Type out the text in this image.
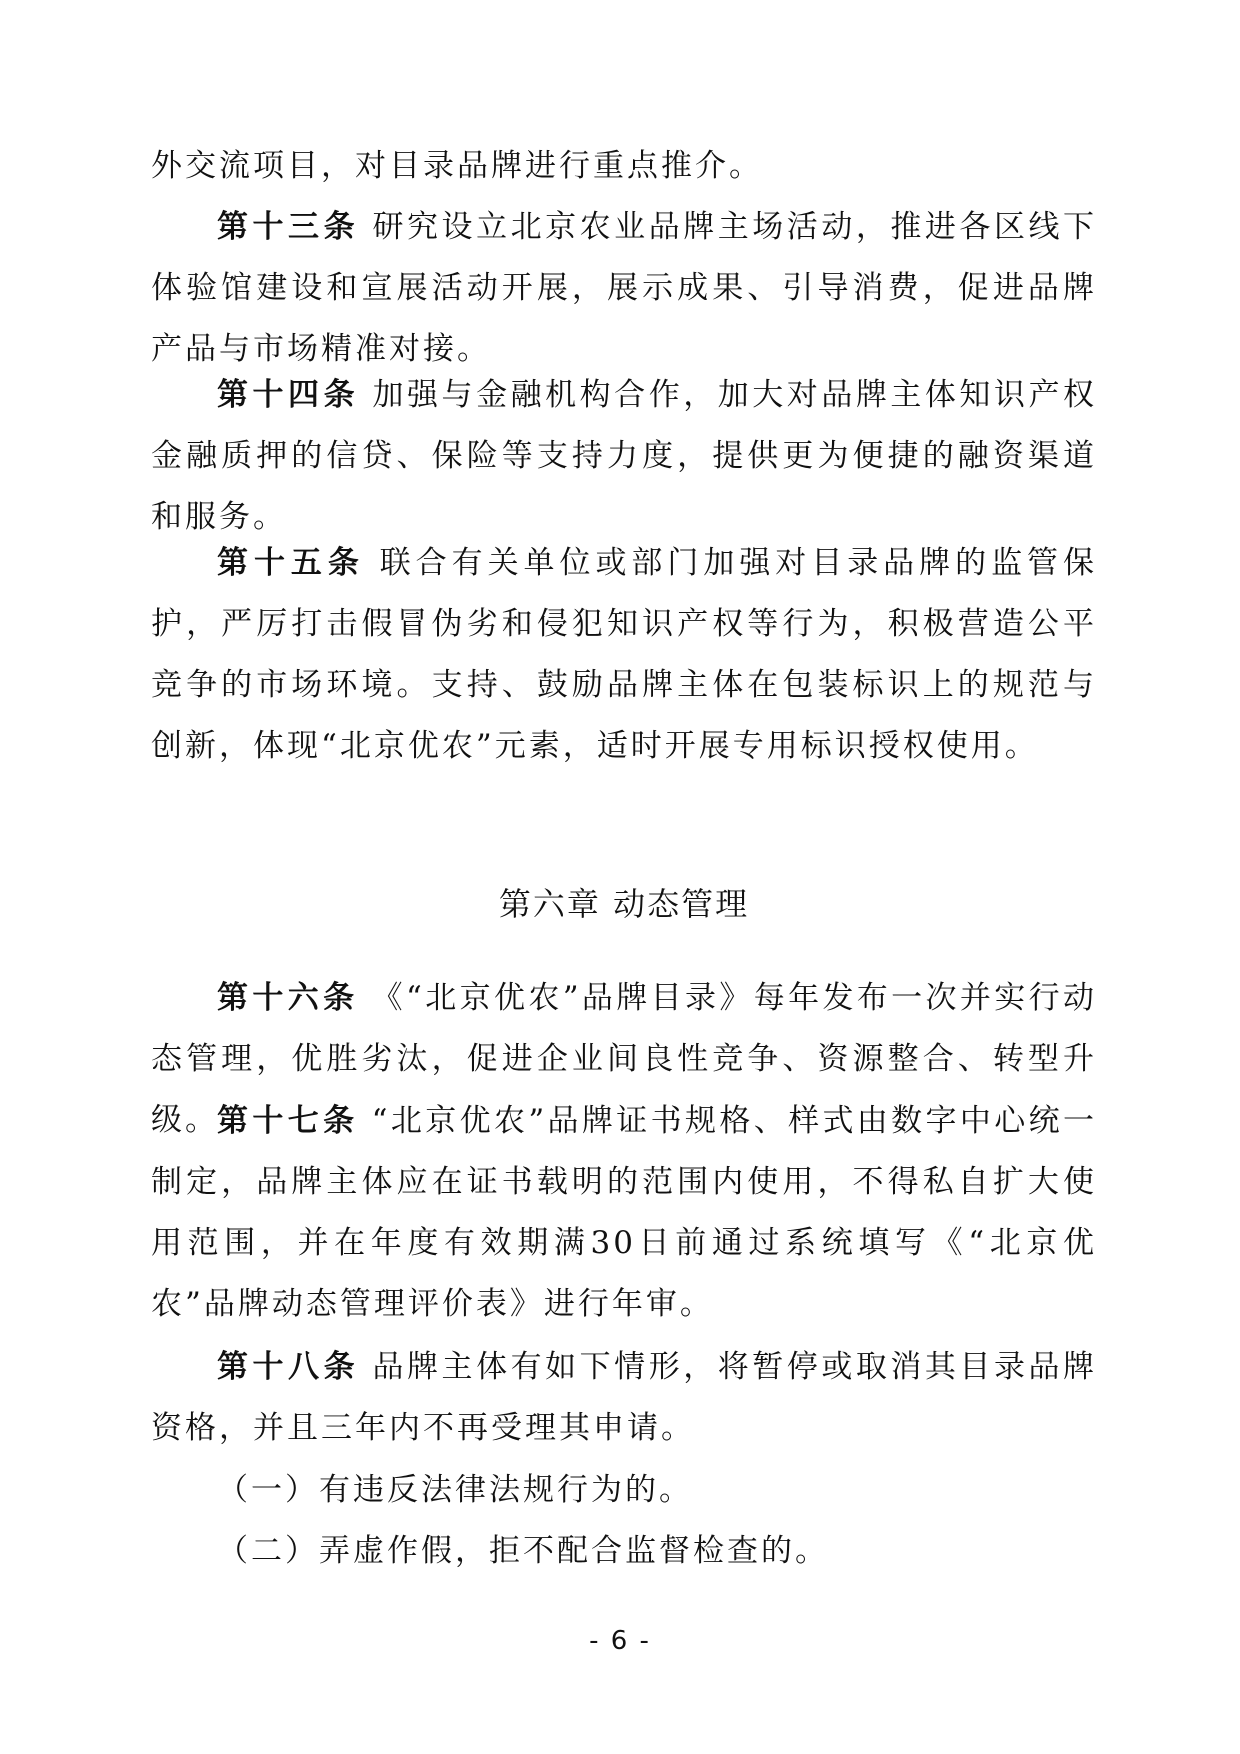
外交流项目，对目录品牌进行重点推介。

第十三条 研究设立北京农业品牌主场活动，推进各区线下体验馆建设和宣展活动开展，展示成果、引导消费，促进品牌产品与市场精准对接。

第十四条 加强与金融机构合作，加大对品牌主体知识产权金融质押的信贷、保险等支持力度，提供更为便捷的融资渠道和服务。

第十五条 联合有关单位或部门加强对目录品牌的监管保护，严厉打击假冒伪劣和侵犯知识产权等行为，积极营造公平竞争的市场环境。支持、鼓励品牌主体在包装标识上的规范与创新，体现“北京优农”元素，适时开展专用标识授权使用。

第六章 动态管理

第十六条 《“北京优农”品牌目录》每年发布一次并实行动态管理，优胜劣汰，促进企业间良性竞争、资源整合、转型升级。

第十七条 “北京优农”品牌证书规格、样式由数字中心统一制定，品牌主体应在证书载明的范围内使用，不得私自扩大使用范围，并在年度有效期满30日前通过系统填写《“北京优农”品牌动态管理评价表》进行年审。

第十八条 品牌主体有如下情形，将暂停或取消其目录品牌资格，并且三年内不再受理其申请。

（一）有违反法律法规行为的。

（二）弄虚作假，拒不配合监督检查的。

- 6 -
